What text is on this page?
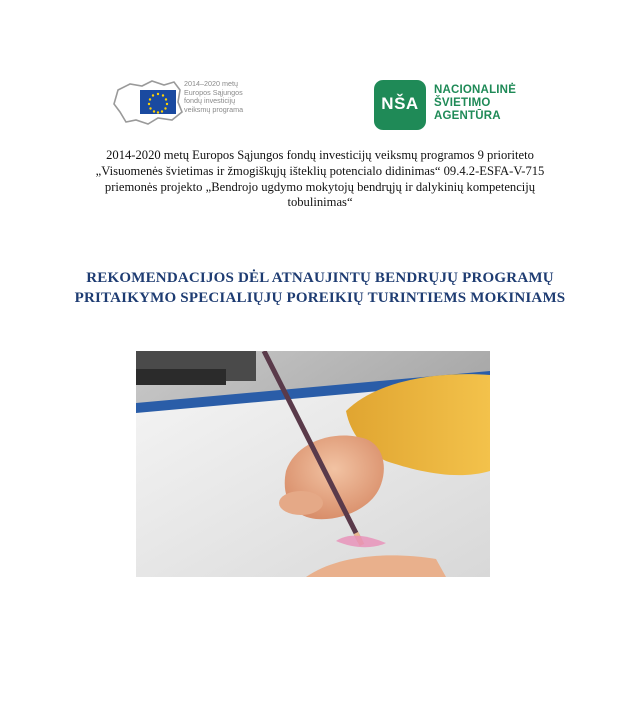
2014–2020 metų
Europos Sąjungos
fondų investicijų
veiksmų programa	NŠA
NACIONALINĖ
ŠVIETIMO
AGENTŪRA
2014-2020 metų Europos Sąjungos fondų investicijų veiksmų programos 9 prioriteto
„Visuomenės švietimas ir žmogiškųjų išteklių potencialo didinimas“ 09.4.2-ESFA-V-715
priemonės projekto „Bendrojo ugdymo mokytojų bendrųjų ir dalykinių kompetencijų
tobulinimas“
REKOMENDACIJOS DĖL ATNAUJINTŲ BENDRŲJŲ PROGRAMŲ
PRITAIKYMO SPECIALIŲJŲ POREIKIŲ TURINTIEMS MOKINIAMS
